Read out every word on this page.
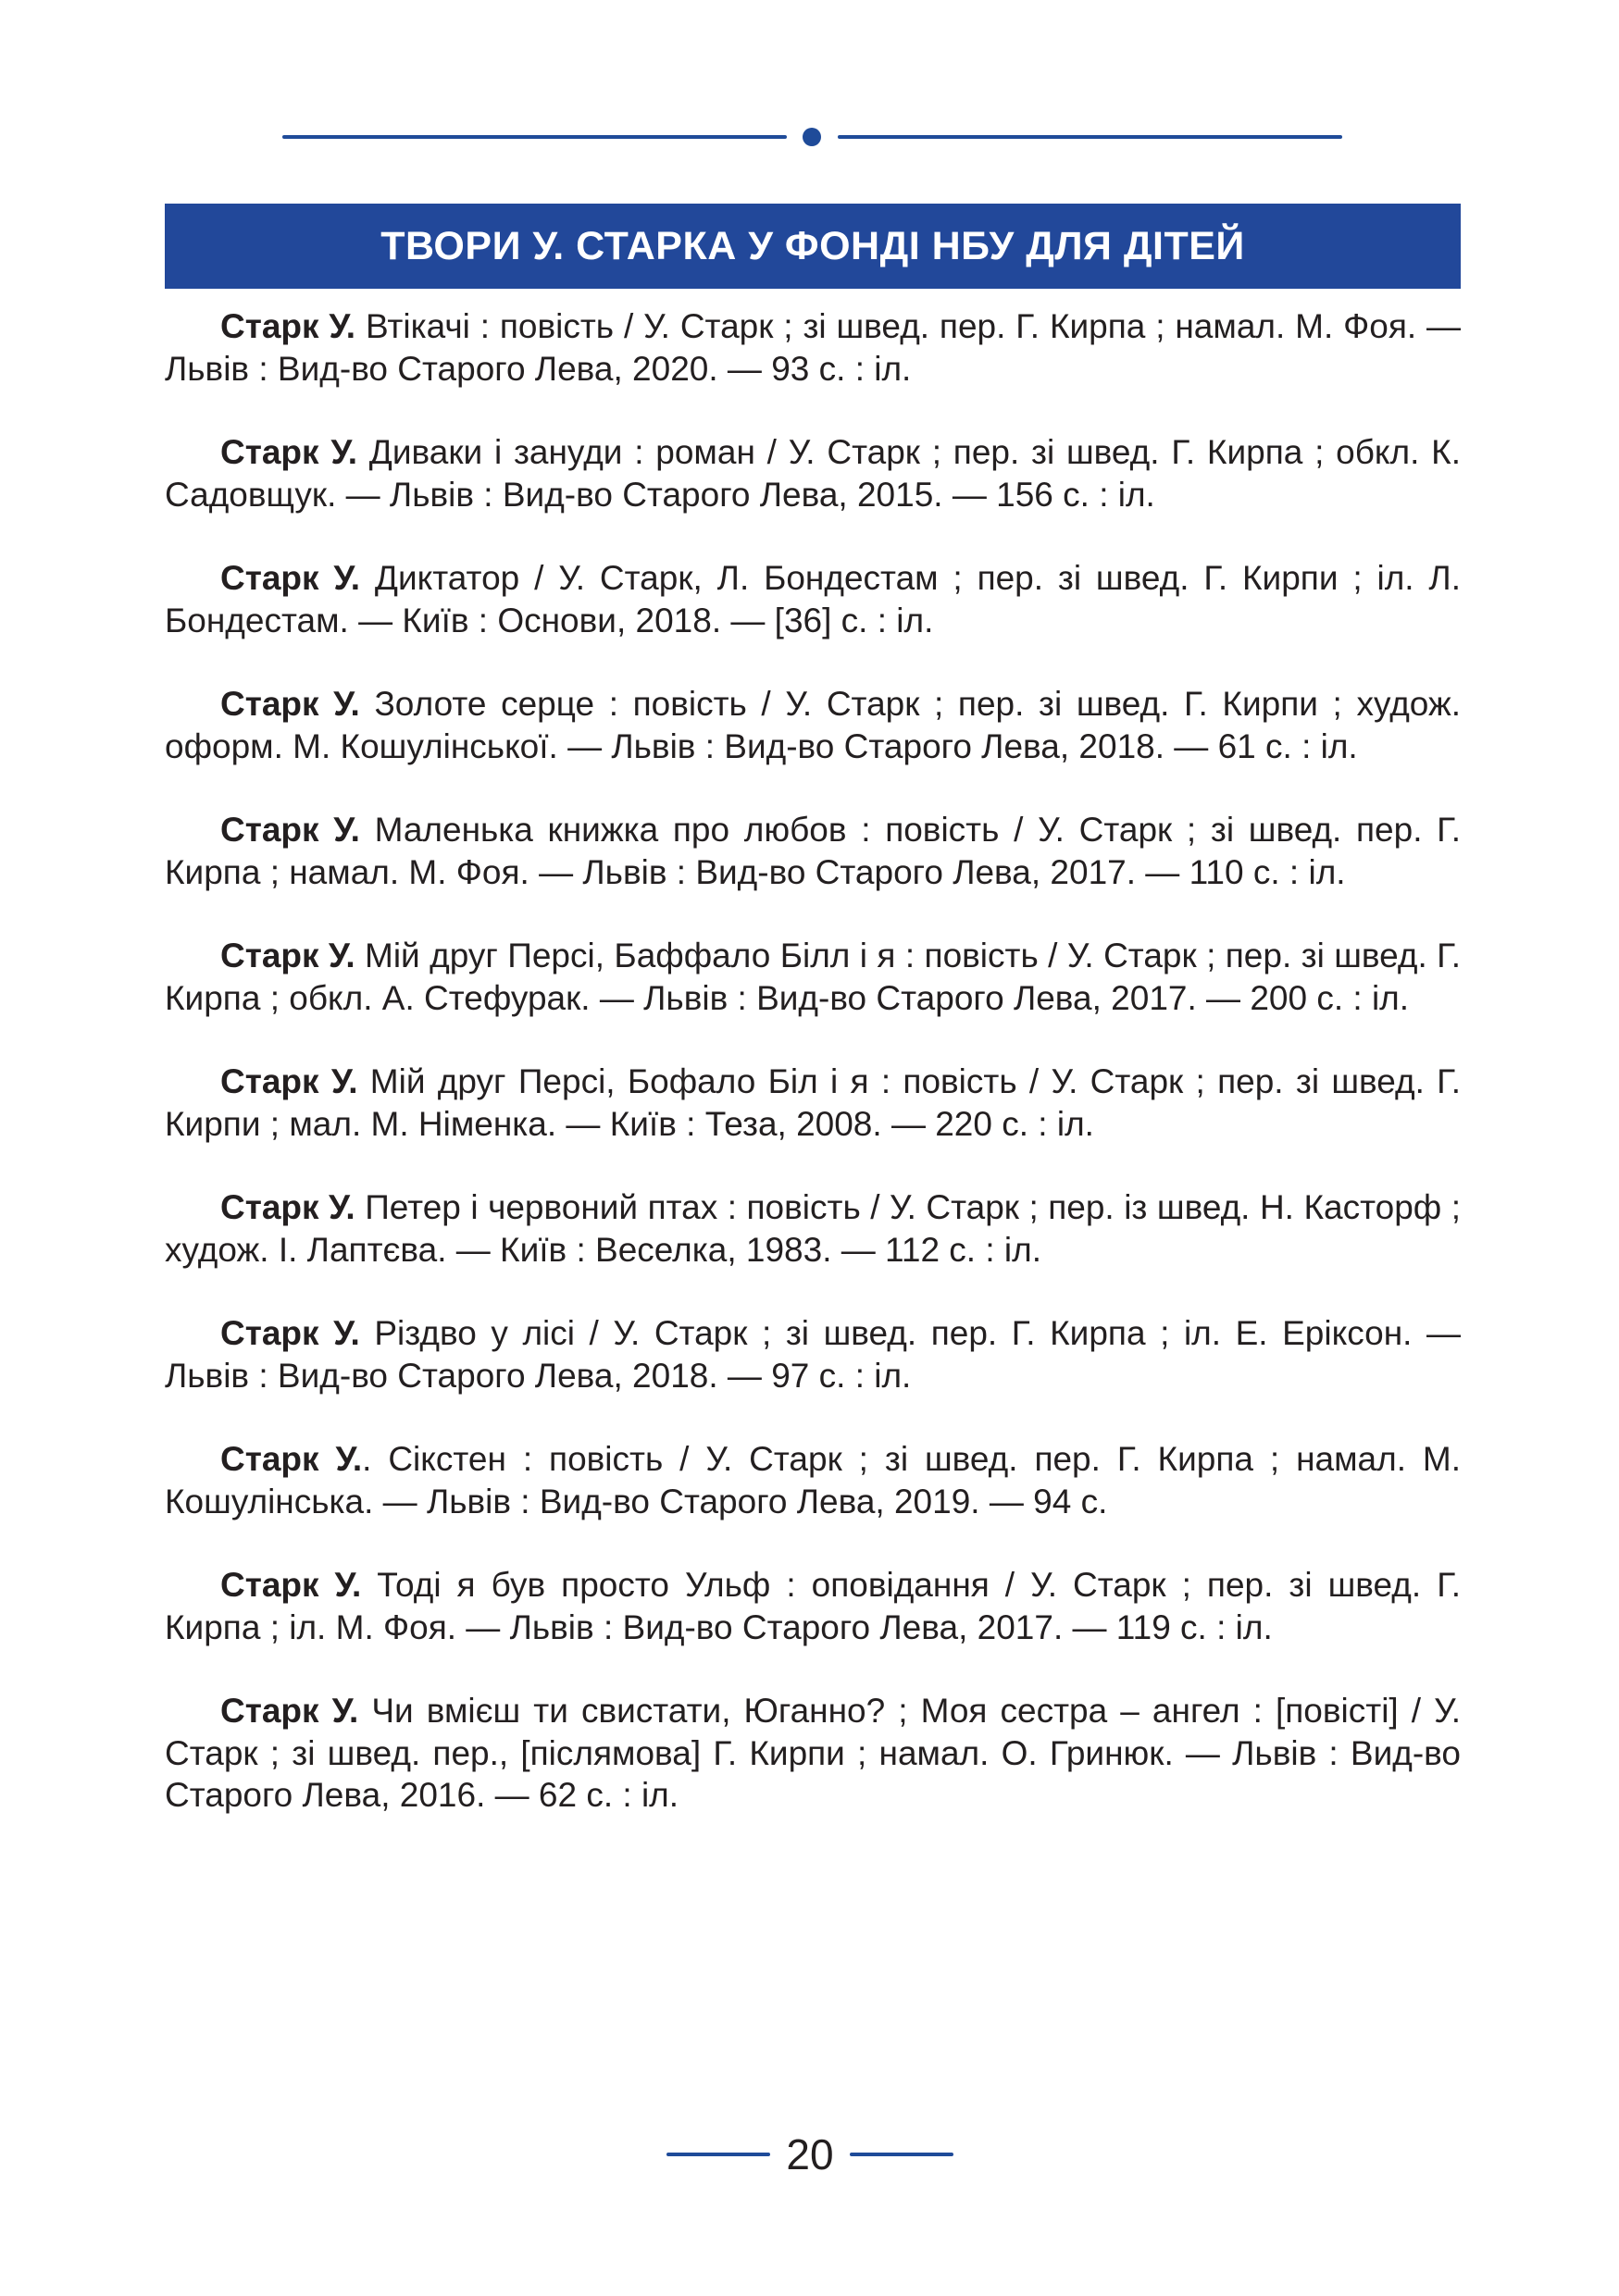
ТВОРИ У. СТАРКА У ФОНДІ НБУ ДЛЯ ДІТЕЙ
Старк У. Втікачі : повість / У. Старк ; зі швед. пер. Г. Кирпа ; намал. М. Фоя. — Львів : Вид-во Старого Лева, 2020. — 93 с. : іл.
Старк У. Диваки і зануди : роман / У. Старк ; пер. зі швед. Г. Кирпа ; обкл. К. Садовщук. — Львів : Вид-во Старого Лева, 2015. — 156 с. : іл.
Старк У. Диктатор / У. Старк, Л. Бондестам ; пер. зі швед. Г. Кирпи ; іл. Л. Бондестам. — Київ : Основи, 2018. — [36] с. : іл.
Старк У. Золоте серце : повість / У. Старк ; пер. зі швед. Г. Кирпи ; худож. оформ. М. Кошулінської. — Львів : Вид-во Старого Лева, 2018. — 61 с. : іл.
Старк У. Маленька книжка про любов : повість / У. Старк ; зі швед. пер. Г. Кирпа ; намал. М. Фоя. — Львів : Вид-во Старого Лева, 2017. — 110 с. : іл.
Старк У. Мій друг Персі, Баффало Білл і я : повість / У. Старк ; пер. зі швед. Г. Кирпа ; обкл. А. Стефурак. — Львів : Вид-во Старого Лева, 2017. — 200 с. : іл.
Старк У. Мій друг Персі, Бофало Біл і я : повість / У. Старк ; пер. зі швед. Г. Кирпи ; мал. М. Німенка. — Київ : Теза, 2008. — 220 с. : іл.
Старк У. Петер і червоний птах : повість / У. Старк ; пер. із швед. Н. Касторф ; худож. І. Лаптєва. — Київ : Веселка, 1983. — 112 с. : іл.
Старк У. Різдво у лісі / У. Старк ; зі швед. пер. Г. Кирпа ; іл. Е. Еріксон. — Львів : Вид-во Старого Лева, 2018. — 97 с. : іл.
Старк У.. Сікстен : повість / У. Старк ; зі швед. пер. Г. Кирпа ; намал. М. Кошулінська. — Львів : Вид-во Старого Лева, 2019. — 94 с.
Старк У. Тоді я був просто Ульф : оповідання / У. Старк ; пер. зі швед. Г. Кирпа ; іл. М. Фоя. — Львів : Вид-во Старого Лева, 2017. — 119 с. : іл.
Старк У. Чи вмієш ти свистати, Юганно? ; Моя сестра – ангел : [повісті] / У. Старк ; зі швед. пер., [післямова] Г. Кирпи ; намал. О. Гринюк. — Львів : Вид-во Старого Лева, 2016. — 62 с. : іл.
20
